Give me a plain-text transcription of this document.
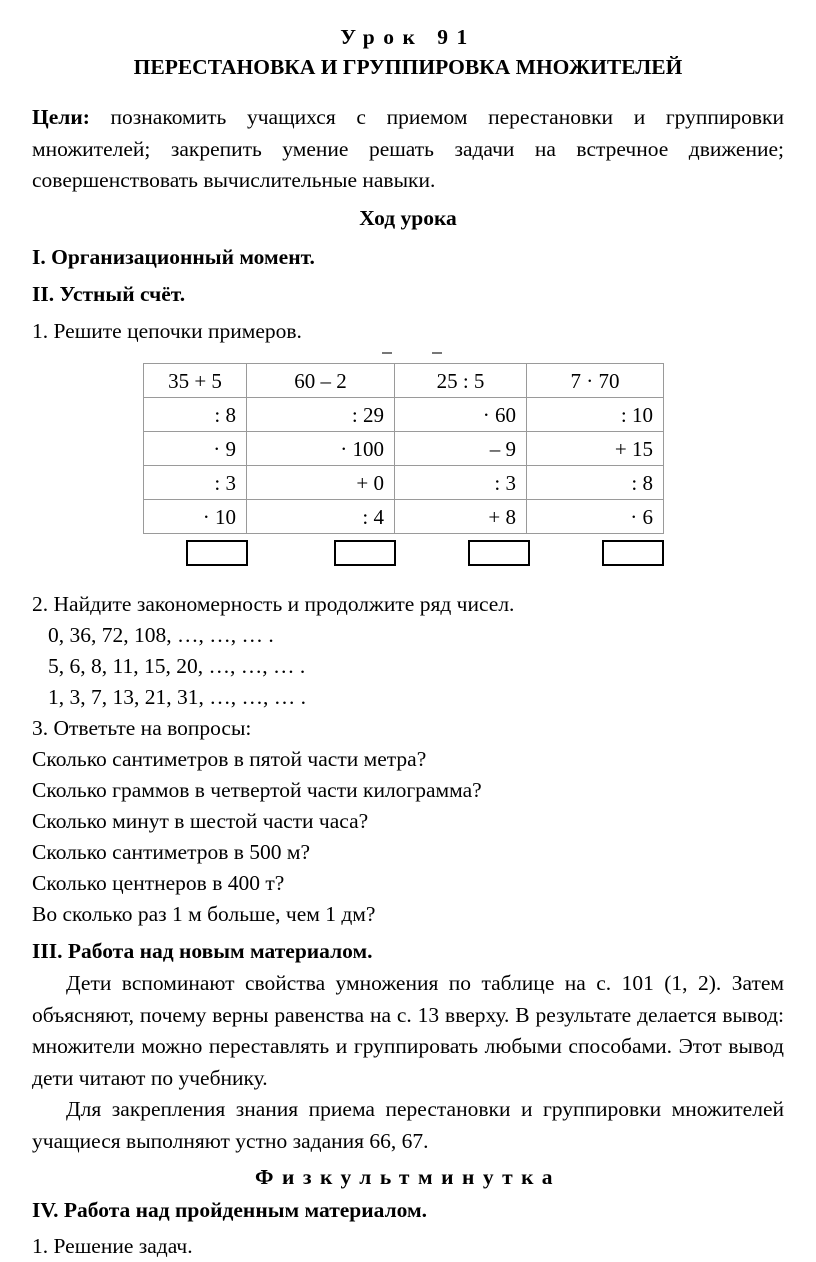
Урок 91
ПЕРЕСТАНОВКА И ГРУППИРОВКА МНОЖИТЕЛЕЙ
Цели: познакомить учащихся с приемом перестановки и группировки множителей; закрепить умение решать задачи на встречное движение; совершенствовать вычислительные навыки.
Ход урока
I. Организационный момент.
II. Устный счёт.
1. Решите цепочки примеров.
35 + 5	60 – 2	25 : 5	7 · 70
: 8	: 29	· 60	: 10
· 9	· 100	– 9	+ 15
: 3	+ 0	: 3	: 8
· 10	: 4	+ 8	· 6
2. Найдите закономерность и продолжите ряд чисел.
0, 36, 72, 108, …, …, … .
5, 6, 8, 11, 15, 20, …, …, … .
1, 3, 7, 13, 21, 31, …, …, … .
3. Ответьте на вопросы:
Сколько сантиметров в пятой части метра?
Сколько граммов в четвертой части килограмма?
Сколько минут в шестой части часа?
Сколько сантиметров в 500 м?
Сколько центнеров в 400 т?
Во сколько раз 1 м больше, чем 1 дм?
III. Работа над новым материалом.
Дети вспоминают свойства умножения по таблице на с. 101 (1, 2). Затем объясняют, почему верны равенства на с. 13 вверху. В результате делается вывод: множители можно переставлять и группировать любыми способами. Этот вывод дети читают по учебнику.
Для закрепления знания приема перестановки и группировки множителей учащиеся выполняют устно задания 66, 67.
Физкультминутка
IV. Работа над пройденным материалом.
1. Решение задач.
